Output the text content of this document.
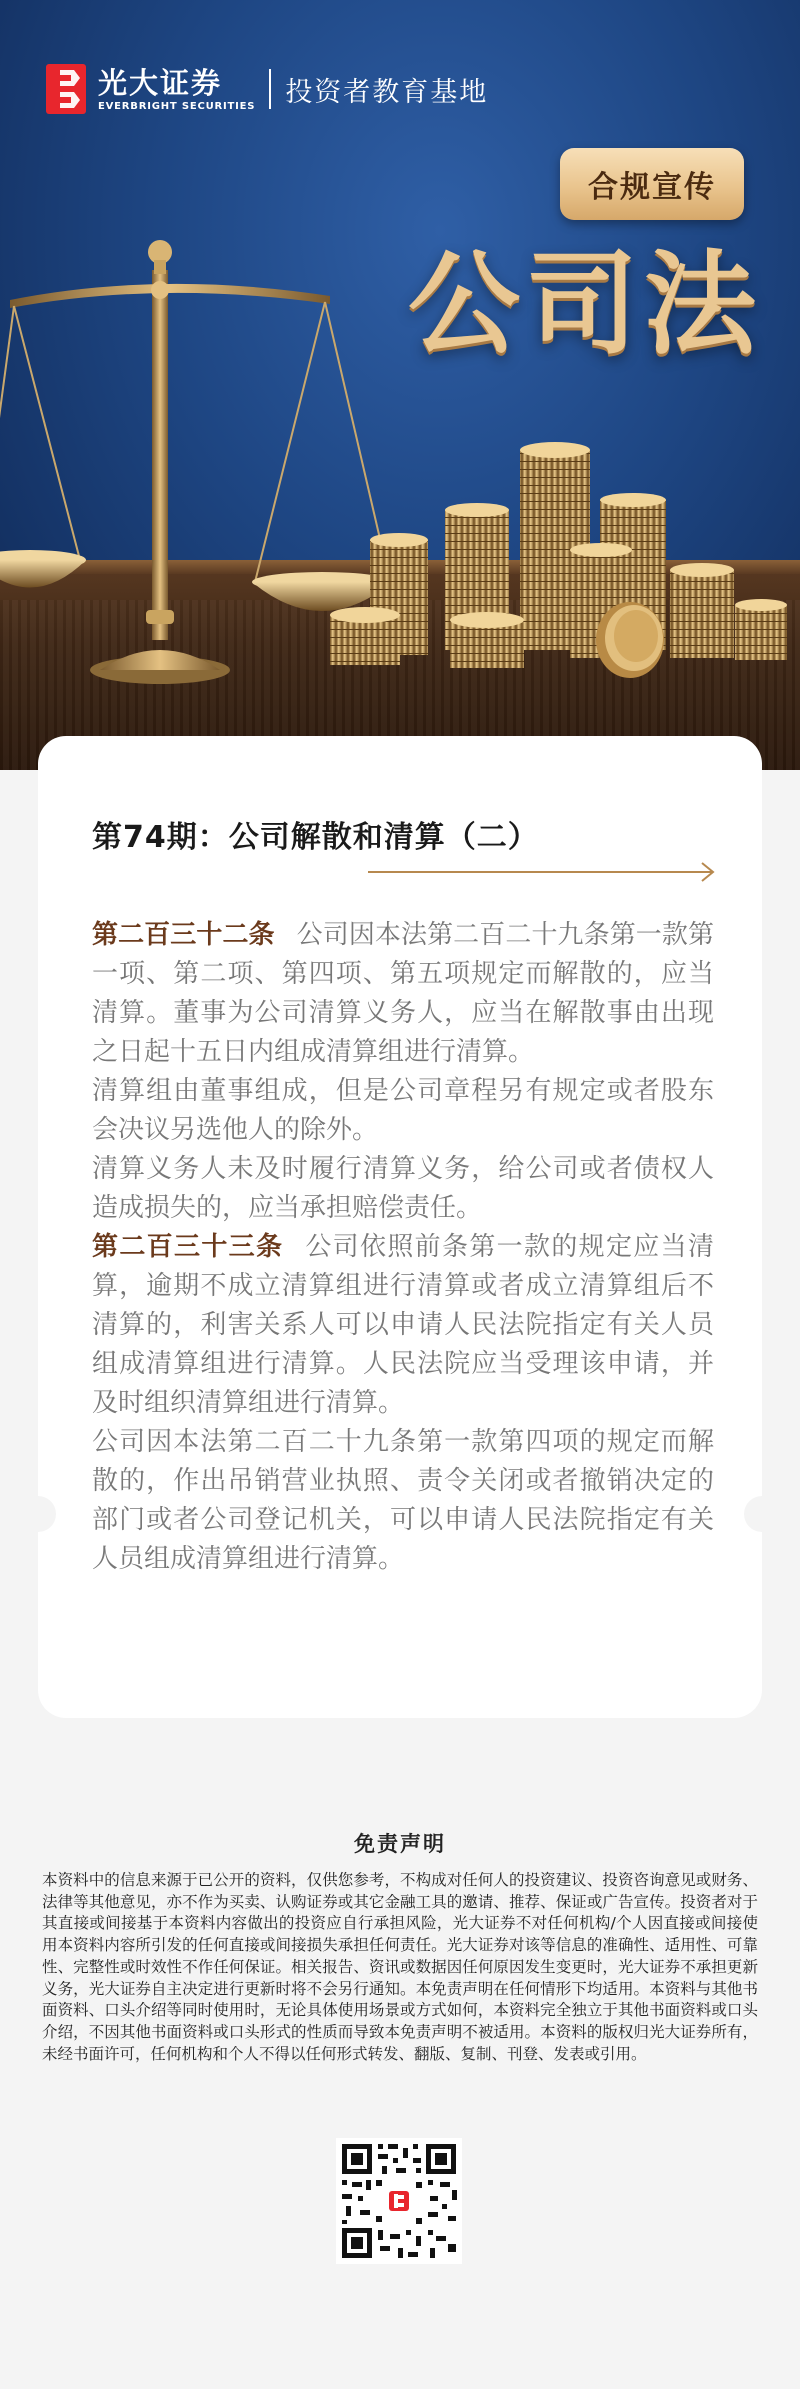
光大证券
EVERBRIGHT SECURITIES 投资者教育基地
合规宣传
公司法
第74期：公司解散和清算（二）

第二百三十二条 公司因本法第二百二十九条第一款第一项、第二项、第四项、第五项规定而解散的，应当清算。董事为公司清算义务人，应当在解散事由出现之日起十五日内组成清算组进行清算。

清算组由董事组成，但是公司章程另有规定或者股东会决议另选他人的除外。

清算义务人未及时履行清算义务，给公司或者债权人造成损失的，应当承担赔偿责任。

第二百三十三条 公司依照前条第一款的规定应当清算，逾期不成立清算组进行清算或者成立清算组后不清算的，利害关系人可以申请人民法院指定有关人员组成清算组进行清算。人民法院应当受理该申请，并及时组织清算组进行清算。

公司因本法第二百二十九条第一款第四项的规定而解散的，作出吊销营业执照、责令关闭或者撤销决定的部门或者公司登记机关，可以申请人民法院指定有关人员组成清算组进行清算。

免责声明
本资料中的信息来源于已公开的资料，仅供您参考，不构成对任何人的投资建议、投资咨询意见或财务、法律等其他意见，亦不作为买卖、认购证券或其它金融工具的邀请、推荐、保证或广告宣传。投资者对于其直接或间接基于本资料内容做出的投资应自行承担风险，光大证券不对任何机构/个人因直接或间接使用本资料内容所引发的任何直接或间接损失承担任何责任。光大证券对该等信息的准确性、适用性、可靠性、完整性或时效性不作任何保证。相关报告、资讯或数据因任何原因发生变更时，光大证券不承担更新义务，光大证券自主决定进行更新时将不会另行通知。本免责声明在任何情形下均适用。本资料与其他书面资料、口头介绍等同时使用时，无论具体使用场景或方式如何，本资料完全独立于其他书面资料或口头介绍，不因其他书面资料或口头形式的性质而导致本免责声明不被适用。本资料的版权归光大证券所有，未经书面许可，任何机构和个人不得以任何形式转发、翻版、复制、刊登、发表或引用。
